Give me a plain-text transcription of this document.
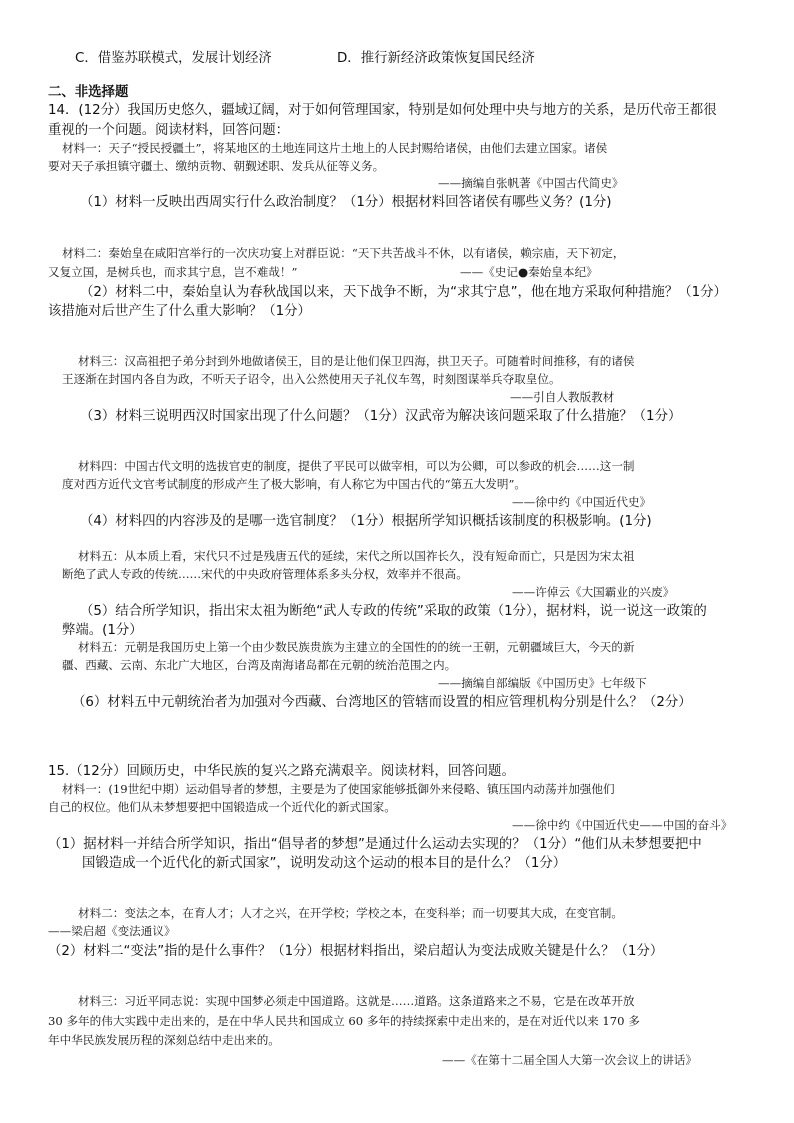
C．借鉴苏联模式，发展计划经济	D．推行新经济政策恢复国民经济
二、非选择题
14．(12分）我国历史悠久，疆域辽阔，对于如何管理国家，特别是如何处理中央与地方的关系，是历代帝王都很
重视的一个问题。阅读材料，回答问题：
材料一：天子“授民授疆土”，将某地区的土地连同这片土地上的人民封赐给诸侯，由他们去建立国家。诸侯
要对天子承担镇守疆土、缴纳贡物、朝觐述职、发兵从征等义务。
——摘编自张帆著《中国古代简史》
（1）材料一反映出西周实行什么政治制度？（1分）根据材料回答诸侯有哪些义务？(1分)
材料二：秦始皇在咸阳宫举行的一次庆功宴上对群臣说：“天下共苦战斗不休，以有诸侯，赖宗庙，天下初定，
又复立国，是树兵也，而求其宁息，岂不难哉！”	——《史记●秦始皇本纪》
（2）材料二中，秦始皇认为春秋战国以来，天下战争不断，为“求其宁息”，他在地方采取何种措施？（1分）
该措施对后世产生了什么重大影响？（1分）
材料三：汉高祖把子弟分封到外地做诸侯王，目的是让他们保卫四海，拱卫天子。可随着时间推移，有的诸侯
王逐渐在封国内各自为政，不听天子诏令，出入公然使用天子礼仪车驾，时刻图谋举兵夺取皇位。
——引自人教版教材
（3）材料三说明西汉时国家出现了什么问题？（1分）汉武帝为解决该问题采取了什么措施？（1分）
材料四：中国古代文明的选拔官吏的制度，提供了平民可以做宰相，可以为公卿，可以参政的机会……这一制
度对西方近代文官考试制度的形成产生了极大影响，有人称它为中国古代的“第五大发明”。
——徐中约《中国近代史》
（4）材料四的内容涉及的是哪一选官制度？（1分）根据所学知识概括该制度的积极影响。(1分)
材料五：从本质上看，宋代只不过是残唐五代的延续，宋代之所以国祚长久，没有短命而亡，只是因为宋太祖
断绝了武人专政的传统……宋代的中央政府管理体系多头分权，效率并不很高。
——许倬云《大国霸业的兴废》
（5）结合所学知识，指出宋太祖为断绝“武人专政的传统”采取的政策（1分），据材料，说一说这一政策的
弊端。(1分）
材料五：元朝是我国历史上第一个由少数民族贵族为主建立的全国性的的统一王朝，元朝疆域巨大，今天的新
疆、西藏、云南、东北广大地区，台湾及南海诸岛都在元朝的统治范围之内。
——摘编自部编版《中国历史》七年级下
（6）材料五中元朝统治者为加强对今西藏、台湾地区的管辖而设置的相应管理机构分别是什么？（2分）
15.（12分）回顾历史，中华民族的复兴之路充满艰辛。阅读材料，回答问题。
材料一：(19世纪中期）运动倡导者的梦想，主要是为了使国家能够抵御外来侵略、镇压国内动荡并加强他们
自己的权位。他们从未梦想要把中国锻造成一个近代化的新式国家。
——徐中约《中国近代史——中国的奋斗》
（1）据材料一并结合所学知识，指出“倡导者的梦想”是通过什么运动去实现的？（1分）“他们从未梦想要把中
国锻造成一个近代化的新式国家”，说明发动这个运动的根本目的是什么？（1分）
材料二：变法之本，在育人才；人才之兴，在开学校；学校之本，在变科举；而一切要其大成，在变官制。
——梁启超《变法通议》
（2）材料二“变法”指的是什么事件？（1分）根据材料指出，梁启超认为变法成败关键是什么？（1分）
材料三：习近平同志说：实现中国梦必须走中国道路。这就是……道路。这条道路来之不易，它是在改革开放
30 多年的伟大实践中走出来的，是在中华人民共和国成立 60 多年的持续探索中走出来的，是在对近代以来 170 多
年中华民族发展历程的深刻总结中走出来的。
——《在第十二届全国人大第一次会议上的讲话》
